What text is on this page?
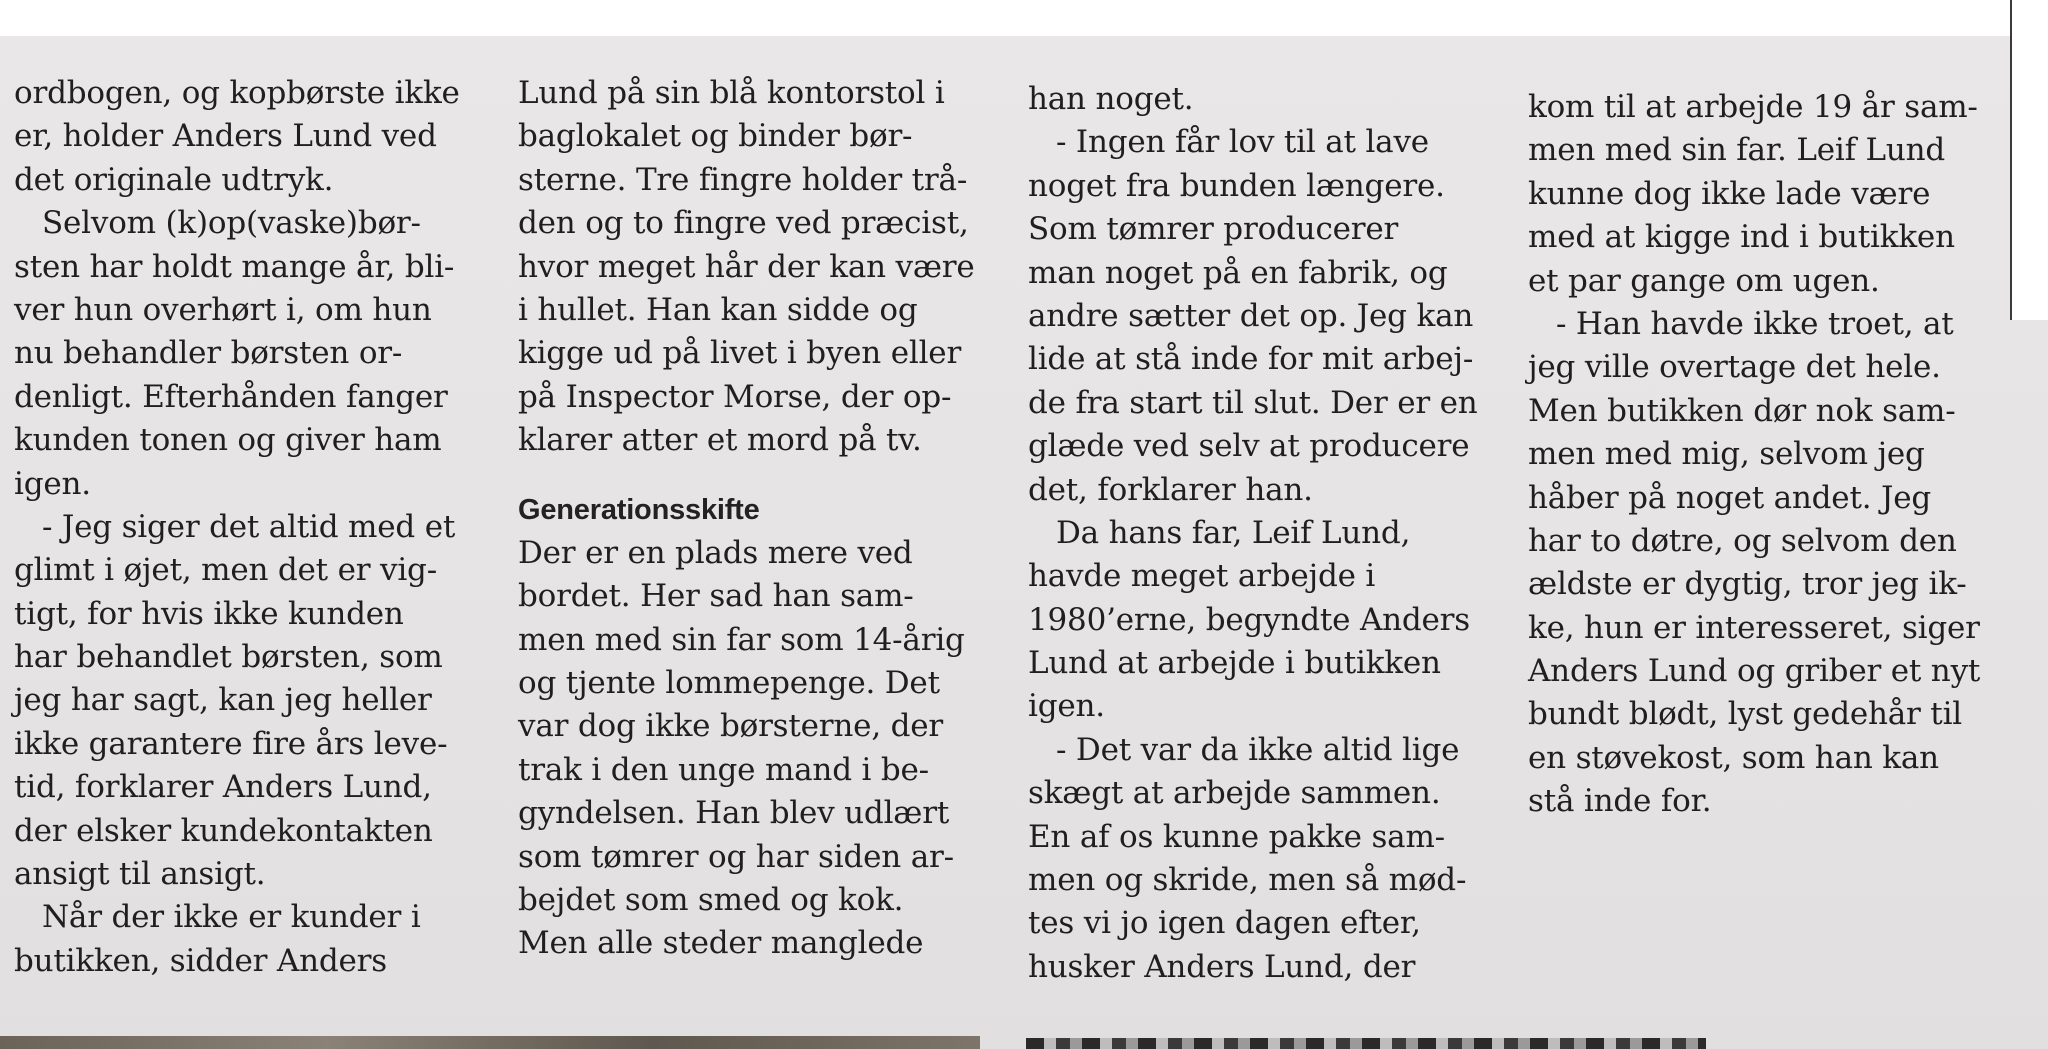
ordbogen, og kopbørste ikke
er, holder Anders Lund ved
det originale udtryk.
Selvom (k)op(vaske)bør-
sten har holdt mange år, bli-
ver hun overhørt i, om hun
nu behandler børsten or-
denligt. Efterhånden fanger
kunden tonen og giver ham
igen.
- Jeg siger det altid med et
glimt i øjet, men det er vig-
tigt, for hvis ikke kunden
har behandlet børsten, som
jeg har sagt, kan jeg heller
ikke garantere fire års leve-
tid, forklarer Anders Lund,
der elsker kundekontakten
ansigt til ansigt.
Når der ikke er kunder i
butikken, sidder Anders
Lund på sin blå kontorstol i
baglokalet og binder bør-
sterne. Tre fingre holder trå-
den og to fingre ved præcist,
hvor meget hår der kan være
i hullet. Han kan sidde og
kigge ud på livet i byen eller
på Inspector Morse, der op-
klarer atter et mord på tv.
Generationsskifte
Der er en plads mere ved
bordet. Her sad han sam-
men med sin far som 14-årig
og tjente lommepenge. Det
var dog ikke børsterne, der
trak i den unge mand i be-
gyndelsen. Han blev udlært
som tømrer og har siden ar-
bejdet som smed og kok.
Men alle steder manglede
han noget.
- Ingen får lov til at lave
noget fra bunden længere.
Som tømrer producerer
man noget på en fabrik, og
andre sætter det op. Jeg kan
lide at stå inde for mit arbej-
de fra start til slut. Der er en
glæde ved selv at producere
det, forklarer han.
Da hans far, Leif Lund,
havde meget arbejde i
1980’erne, begyndte Anders
Lund at arbejde i butikken
igen.
- Det var da ikke altid lige
skægt at arbejde sammen.
En af os kunne pakke sam-
men og skride, men så mød-
tes vi jo igen dagen efter,
husker Anders Lund, der
kom til at arbejde 19 år sam-
men med sin far. Leif Lund
kunne dog ikke lade være
med at kigge ind i butikken
et par gange om ugen.
- Han havde ikke troet, at
jeg ville overtage det hele.
Men butikken dør nok sam-
men med mig, selvom jeg
håber på noget andet. Jeg
har to døtre, og selvom den
ældste er dygtig, tror jeg ik-
ke, hun er interesseret, siger
Anders Lund og griber et nyt
bundt blødt, lyst gedehår til
en støvekost, som han kan
stå inde for.
